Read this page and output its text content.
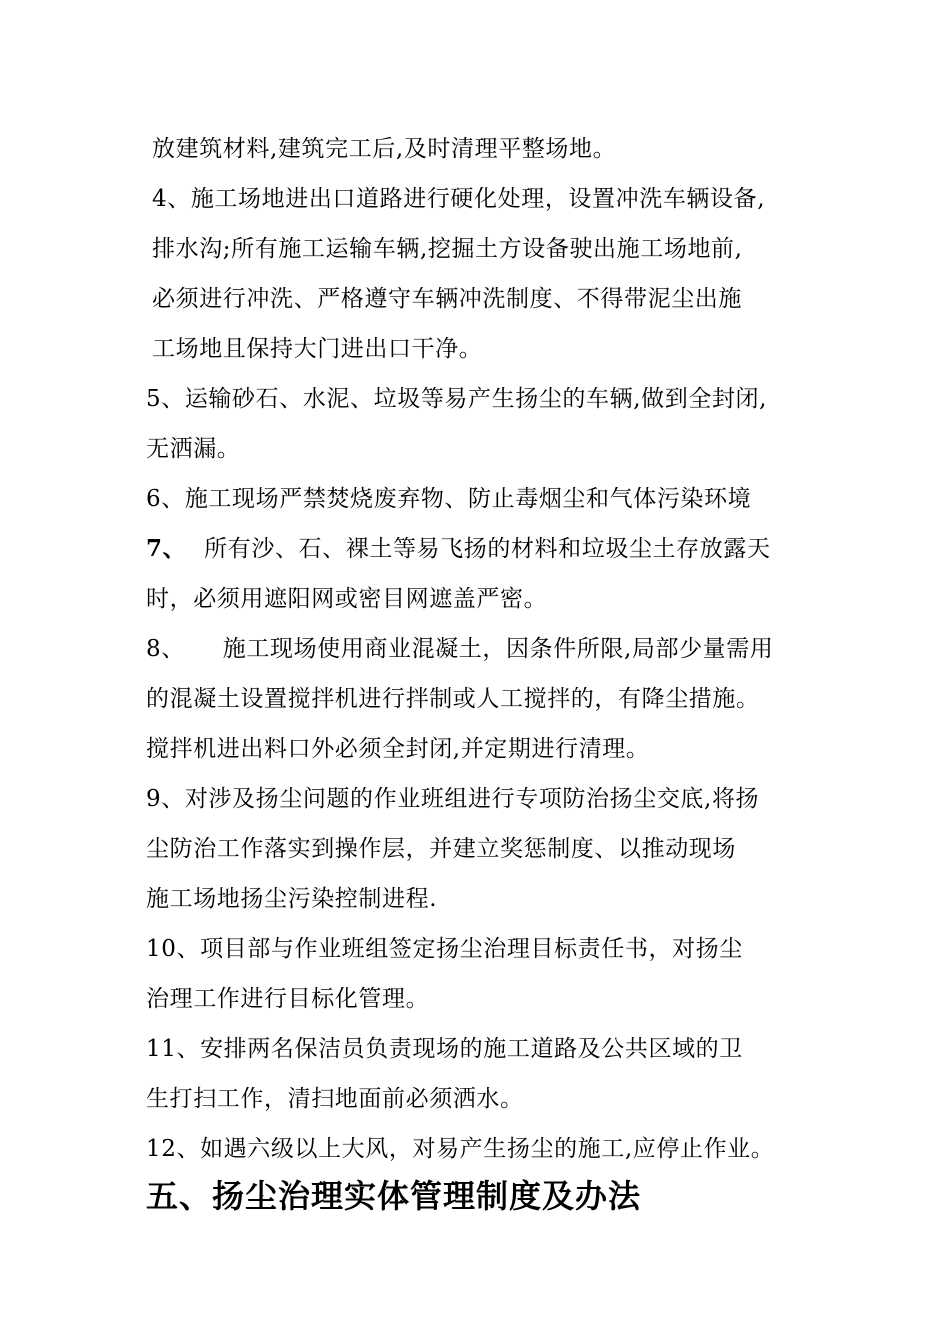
放建筑材料,建筑完工后,及时清理平整场地。
4、施工场地进出口道路进行硬化处理，设置冲洗车辆设备,
排水沟;所有施工运输车辆,挖掘土方设备驶出施工场地前,
必须进行冲洗、严格遵守车辆冲洗制度、不得带泥尘出施
工场地且保持大门进出口干净。
5、运输砂石、水泥、垃圾等易产生扬尘的车辆,做到全封闭,
无洒漏。
6、施工现场严禁焚烧废弃物、防止毒烟尘和气体污染环境
7、 所有沙、石、裸土等易飞扬的材料和垃圾尘土存放露天
时，必须用遮阳网或密目网遮盖严密。
8、 施工现场使用商业混凝土，因条件所限,局部少量需用
的混凝土设置搅拌机进行拌制或人工搅拌的，有降尘措施。
搅拌机进出料口外必须全封闭,并定期进行清理。
9、对涉及扬尘问题的作业班组进行专项防治扬尘交底,将扬
尘防治工作落实到操作层，并建立奖惩制度、以推动现场
施工场地扬尘污染控制进程.
10、项目部与作业班组签定扬尘治理目标责任书，对扬尘
治理工作进行目标化管理。
11、安排两名保洁员负责现场的施工道路及公共区域的卫
生打扫工作，清扫地面前必须洒水。
12、如遇六级以上大风，对易产生扬尘的施工,应停止作业。
五、扬尘治理实体管理制度及办法
